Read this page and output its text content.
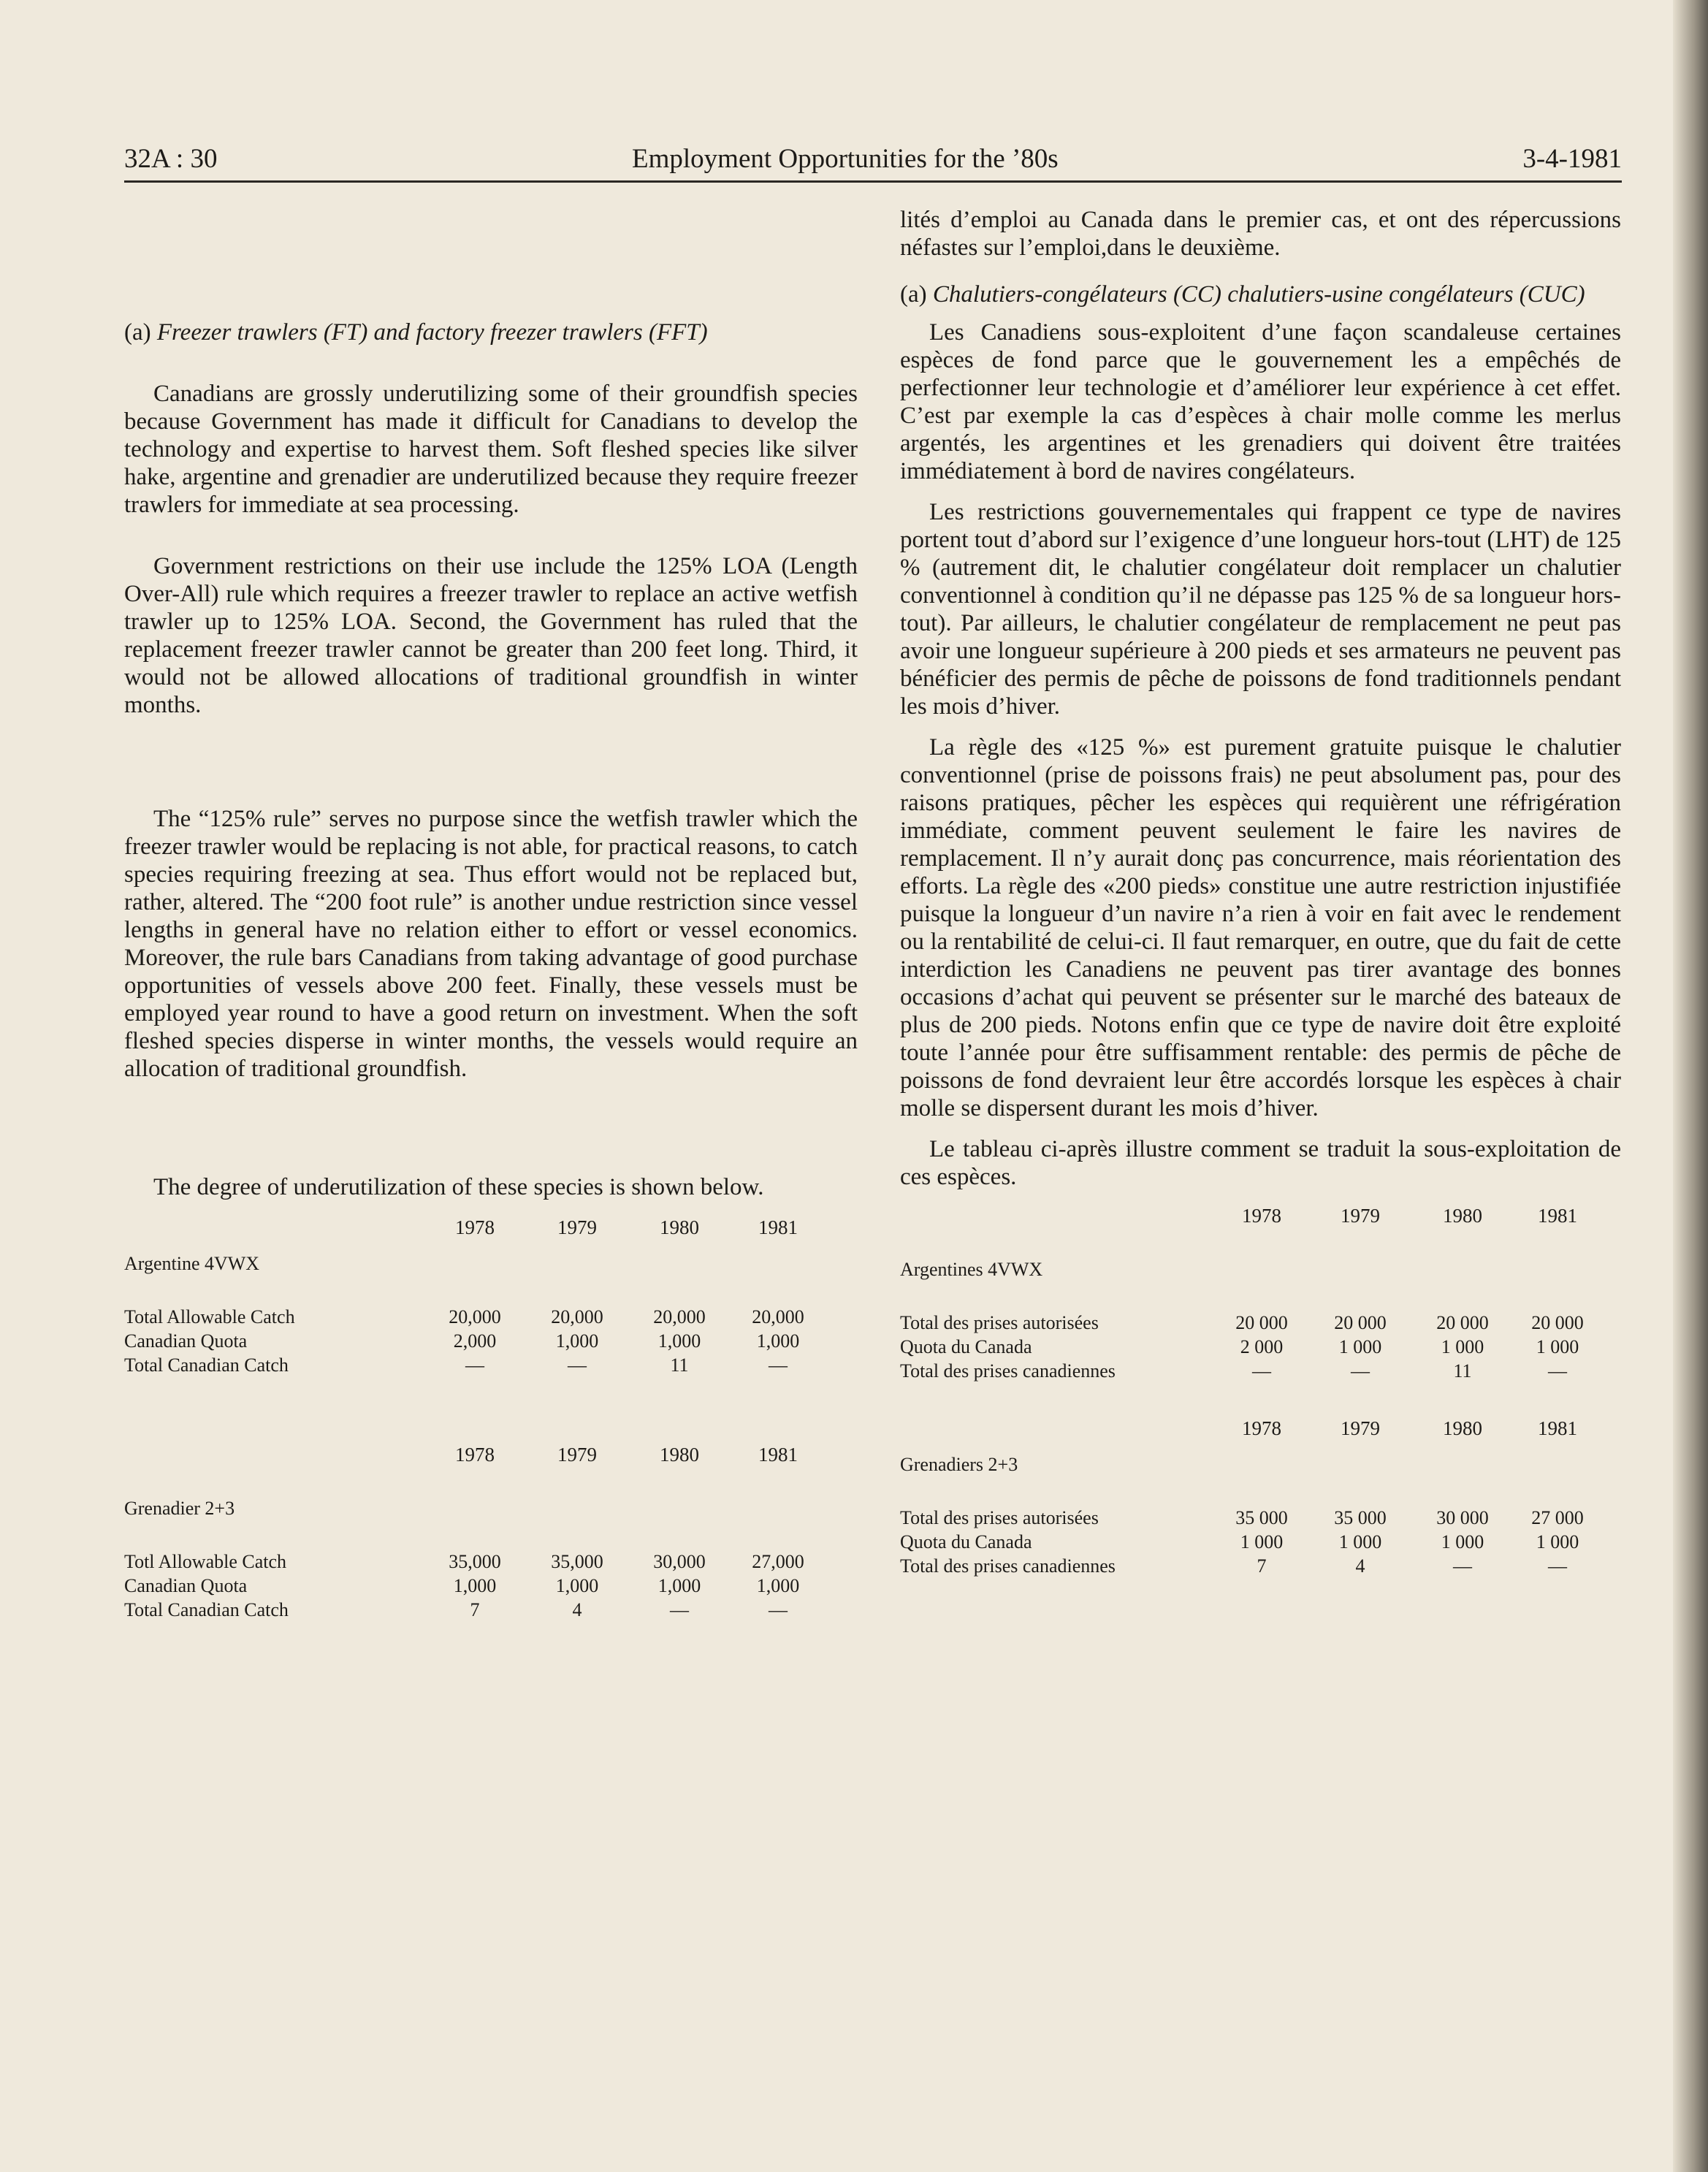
32A : 30	Employment Opportunities for the ’80s	3-4-1981
(a) Freezer trawlers (FT) and factory freezer trawlers (FFT)

Canadians are grossly underutilizing some of their groundfish species because Government has made it difficult for Canadians to develop the technology and expertise to harvest them. Soft fleshed species like silver hake, argentine and grenadier are underutilized because they require freezer trawlers for immediate at sea processing.

Government restrictions on their use include the 125% LOA (Length Over-All) rule which requires a freezer trawler to replace an active wetfish trawler up to 125% LOA. Second, the Government has ruled that the replacement freezer trawler cannot be greater than 200 feet long. Third, it would not be allowed allocations of traditional groundfish in winter months.

The “125% rule” serves no purpose since the wetfish trawler which the freezer trawler would be replacing is not able, for practical reasons, to catch species requiring freezing at sea. Thus effort would not be replaced but, rather, altered. The “200 foot rule” is another undue restriction since vessel lengths in general have no relation either to effort or vessel economics. Moreover, the rule bars Canadians from taking advantage of good purchase opportunities of vessels above 200 feet. Finally, these vessels must be employed year round to have a good return on investment. When the soft fleshed species disperse in winter months, the vessels would require an allocation of traditional groundfish.

The degree of underutilization of these species is shown below.

	1978	1979	1980	1981

Argentine 4VWX				

Total Allowable Catch	20,000	20,000	20,000	20,000
Canadian Quota	2,000	1,000	1,000	1,000
Total Canadian Catch	—	—	11	—
	1978	1979	1980	1981

Grenadier 2+3				

Totl Allowable Catch	35,000	35,000	30,000	27,000
Canadian Quota	1,000	1,000	1,000	1,000
Total Canadian Catch	7	4	—	—

lités d’emploi au Canada dans le premier cas, et ont des répercussions néfastes sur l’emploi,dans le deuxième.

(a) Chalutiers-congélateurs (CC) chalutiers-usine congélateurs (CUC)

Les Canadiens sous-exploitent d’une façon scandaleuse certaines espèces de fond parce que le gouvernement les a empêchés de perfectionner leur technologie et d’améliorer leur expérience à cet effet. C’est par exemple la cas d’espèces à chair molle comme les merlus argentés, les argentines et les grenadiers qui doivent être traitées immédiatement à bord de navires congélateurs.

Les restrictions gouvernementales qui frappent ce type de navires portent tout d’abord sur l’exigence d’une longueur hors-tout (LHT) de 125 % (autrement dit, le chalutier congélateur doit remplacer un chalutier conventionnel à condition qu’il ne dépasse pas 125 % de sa longueur hors-tout). Par ailleurs, le chalutier congélateur de remplacement ne peut pas avoir une longueur supérieure à 200 pieds et ses armateurs ne peuvent pas bénéficier des permis de pêche de poissons de fond traditionnels pendant les mois d’hiver.

La règle des «125 %» est purement gratuite puisque le chalutier conventionnel (prise de poissons frais) ne peut absolument pas, pour des raisons pratiques, pêcher les espèces qui requièrent une réfrigération immédiate, comment peuvent seulement le faire les navires de remplacement. Il n’y aurait donç pas concurrence, mais réorientation des efforts. La règle des «200 pieds» constitue une autre restriction injustifiée puisque la longueur d’un navire n’a rien à voir en fait avec le rendement ou la rentabilité de celui-ci. Il faut remarquer, en outre, que du fait de cette interdiction les Canadiens ne peuvent pas tirer avantage des bonnes occasions d’achat qui peuvent se présenter sur le marché des bateaux de plus de 200 pieds. Notons enfin que ce type de navire doit être exploité toute l’année pour être suffisamment rentable: des permis de pêche de poissons de fond devraient leur être accordés lorsque les espèces à chair molle se dispersent durant les mois d’hiver.

Le tableau ci-après illustre comment se traduit la sous-exploitation de ces espèces.

	1978	1979	1980	1981

Argentines 4VWX				

Total des prises autorisées	20 000	20 000	20 000	20 000
Quota du Canada	2 000	1 000	1 000	1 000
Total des prises canadiennes	—	—	11	—
	1978	1979	1980	1981

Grenadiers 2+3				

Total des prises autorisées	35 000	35 000	30 000	27 000
Quota du Canada	1 000	1 000	1 000	1 000
Total des prises canadiennes	7	4	—	—
